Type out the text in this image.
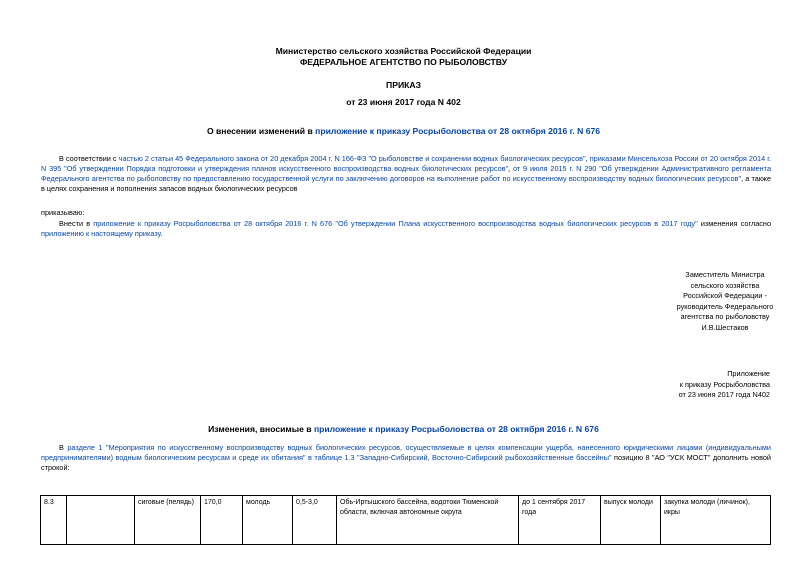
Министерство сельского хозяйства Российской Федерации
ФЕДЕРАЛЬНОЕ АГЕНТСТВО ПО РЫБОЛОВСТВУ
ПРИКАЗ
от 23 июня 2017 года N 402
О внесении изменений в приложение к приказу Росрыболовства от 28 октября 2016 г. N 676
В соответствии с частью 2 статьи 45 Федерального закона от 20 декабря 2004 г. N 166-ФЗ "О рыболовстве и сохранении водных биологических ресурсов", приказами Минсельхоза России от 20 октября 2014 г. N 395 "Об утверждении Порядка подготовки и утверждения планов искусственного воспроизводства водных биологических ресурсов", от 9 июля 2015 г. N 290 "Об утверждении Административного регламента Федерального агентства по рыболовству по предоставлению государственной услуги по заключению договоров на выполнение работ по искусственному воспроизводству водных биологических ресурсов", а также в целях сохранения и пополнения запасов водных биологических ресурсов
приказываю:
Внести в приложение к приказу Росрыболовства от 28 октября 2016 г. N 676 "Об утверждении Плана искусственного воспроизводства водных биологических ресурсов в 2017 году" изменения согласно приложению к настоящему приказу.
Заместитель Министра
сельского хозяйства
Российской Федерации -
руководитель Федерального
агентства по рыболовству
И.В.Шестаков
Приложение
к приказу Росрыболовства
от 23 июня 2017 года N402
Изменения, вносимые в приложение к приказу Росрыболовства от 28 октября 2016 г. N 676
В разделе 1 "Мероприятия по искусственному воспроизводству водных биологических ресурсов, осуществляемые в целях компенсации ущерба, нанесенного юридическими лицами (индивидуальными предпринимателями) водным биологическим ресурсам и среде их обитания" в таблице 1.3 "Западно-Сибирский, Восточно-Сибирский рыбохозяйственные бассейны" позицию 8 "АО "УСК МОСТ" дополнить новой строкой:
8.3		сиговые (пелядь)	170,0	молодь	0,5-3,0	Обь-Иртышского бассейна, водотоки Тюменской области, включая автономные округа	до 1 сентября 2017 года	выпуск молоди	закупка молоди (личинок), икры
